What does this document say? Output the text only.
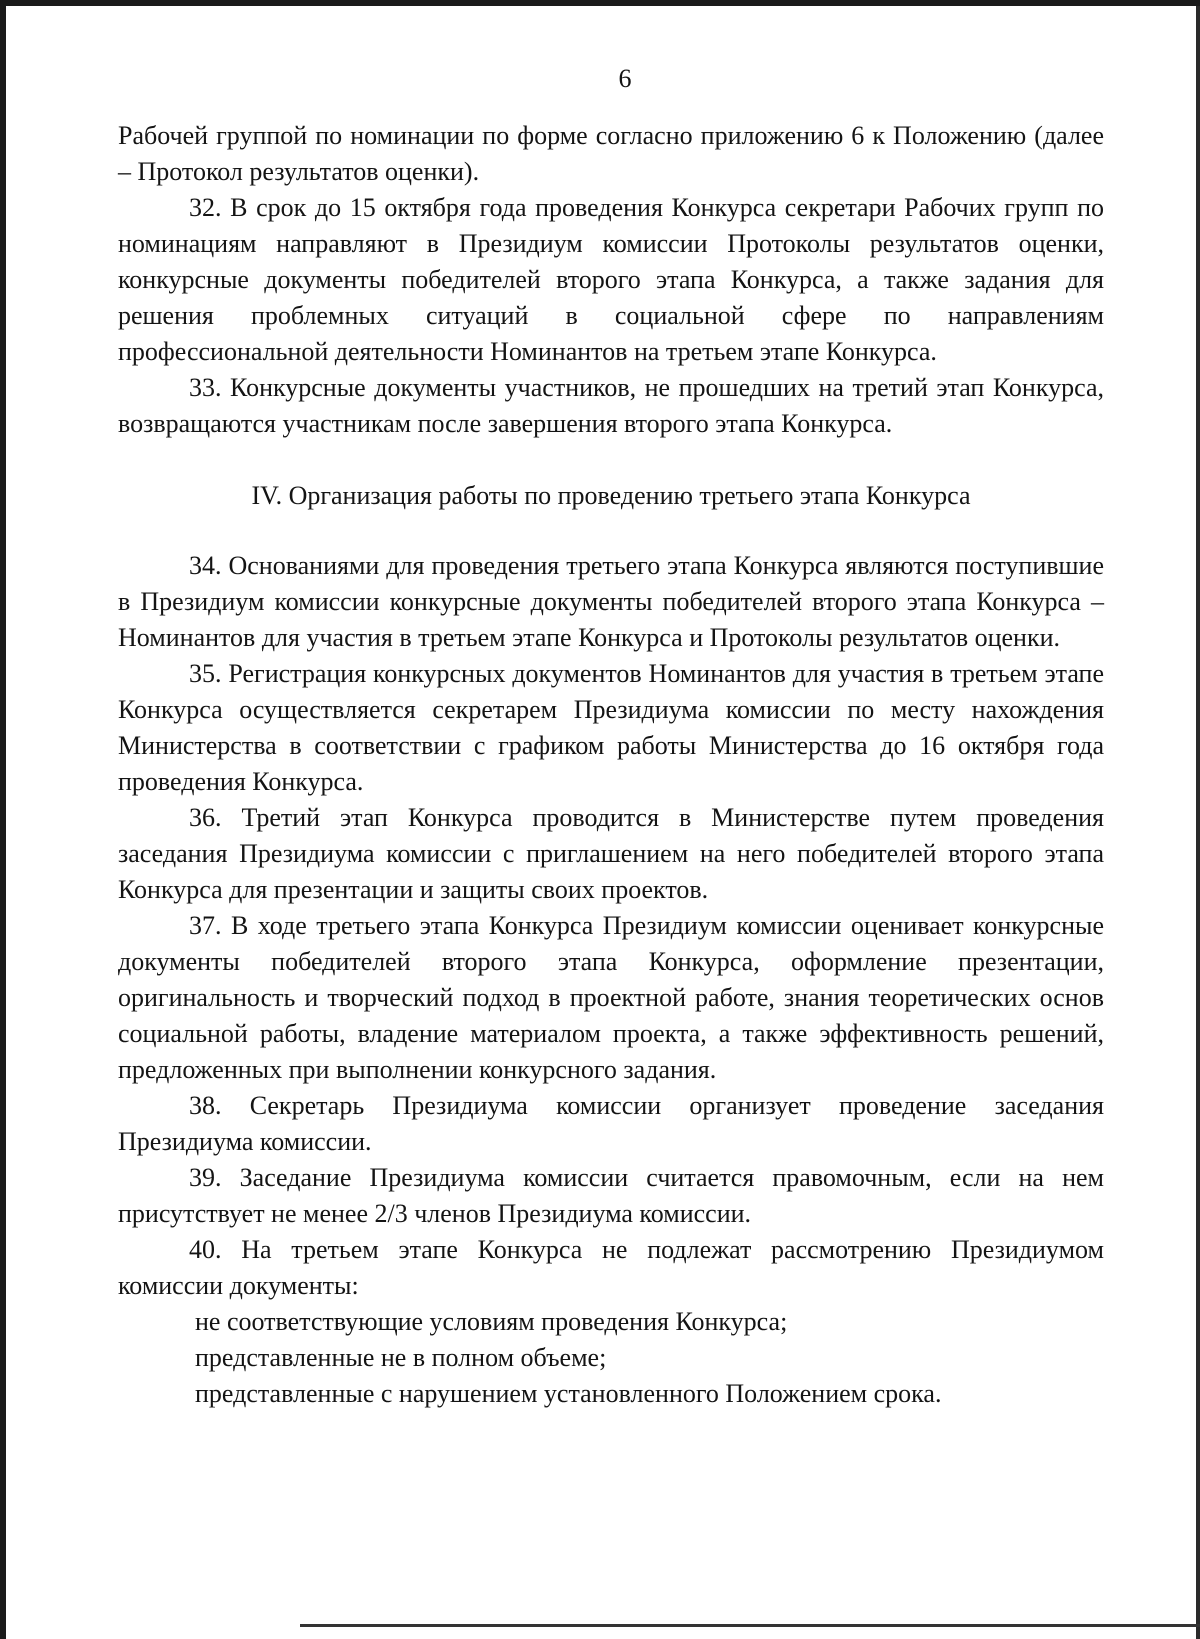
6

Рабочей группой по номинации по форме согласно приложению 6 к Положению (далее – Протокол результатов оценки).

32. В срок до 15 октября года проведения Конкурса секретари Рабочих групп по номинациям направляют в Президиум комиссии Протоколы результатов оценки, конкурсные документы победителей второго этапа Конкурса, а также задания для решения проблемных ситуаций в социальной сфере по направлениям профессиональной деятельности Номинантов на третьем этапе Конкурса.

33. Конкурсные документы участников, не прошедших на третий этап Конкурса, возвращаются участникам после завершения второго этапа Конкурса.

IV. Организация работы по проведению третьего этапа Конкурса

34. Основаниями для проведения третьего этапа Конкурса являются поступившие в Президиум комиссии конкурсные документы победителей второго этапа Конкурса – Номинантов для участия в третьем этапе Конкурса и Протоколы результатов оценки.

35. Регистрация конкурсных документов Номинантов для участия в третьем этапе Конкурса осуществляется секретарем Президиума комиссии по месту нахождения Министерства в соответствии с графиком работы Министерства до 16 октября года проведения Конкурса.

36. Третий этап Конкурса проводится в Министерстве путем проведения заседания Президиума комиссии с приглашением на него победителей второго этапа Конкурса для презентации и защиты своих проектов.

37. В ходе третьего этапа Конкурса Президиум комиссии оценивает конкурсные документы победителей второго этапа Конкурса, оформление презентации, оригинальность и творческий подход в проектной работе, знания теоретических основ социальной работы, владение материалом проекта, а также эффективность решений, предложенных при выполнении конкурсного задания.

38. Секретарь Президиума комиссии организует проведение заседания Президиума комиссии.

39. Заседание Президиума комиссии считается правомочным, если на нем присутствует не менее 2/3 членов Президиума комиссии.

40. На третьем этапе Конкурса не подлежат рассмотрению Президиумом комиссии документы:

не соответствующие условиям проведения Конкурса;

представленные не в полном объеме;

представленные с нарушением установленного Положением срока.
